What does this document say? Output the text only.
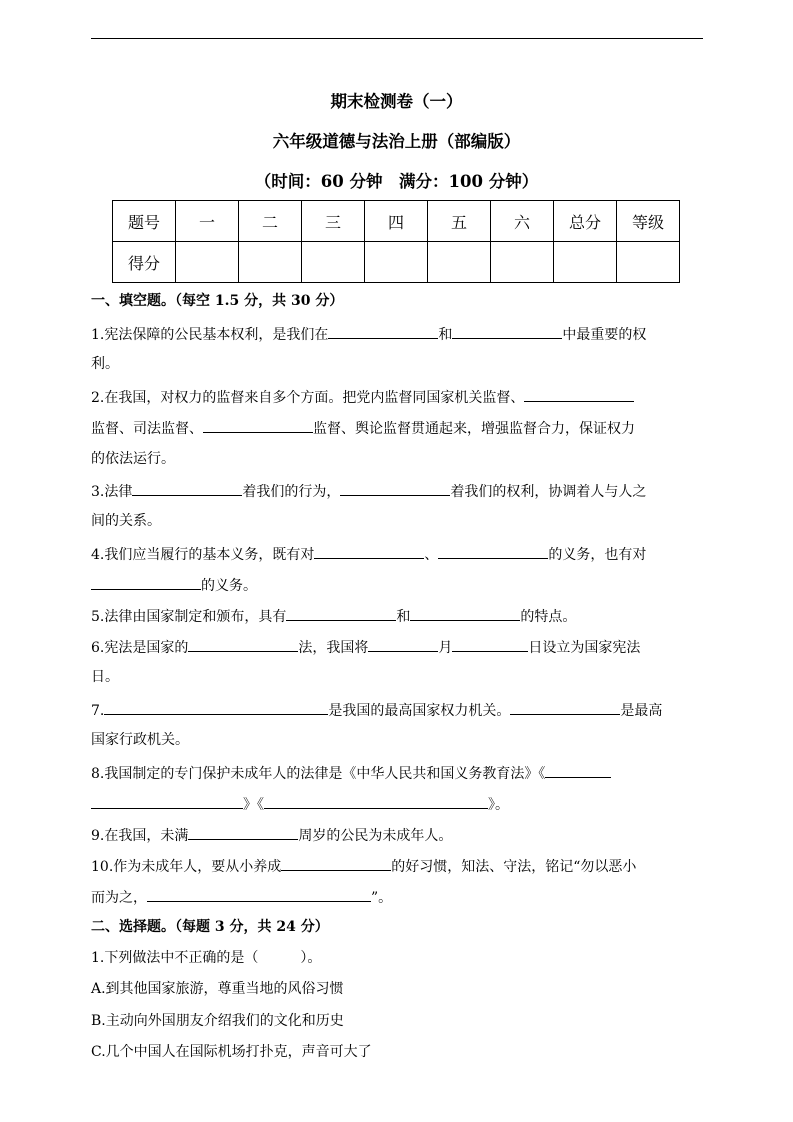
期末检测卷（一）
六年级道德与法治上册（部编版）
（时间：60 分钟　满分：100 分钟）
题号	一	二	三	四	五	六	总分	等级
得分								
一、填空题。（每空 1.5 分，共 30 分）
1.宪法保障的公民基本权利，是我们在	和	中最重要的权
利。
2.在我国，对权力的监督来自多个方面。把党内监督同国家机关监督、
监督、司法监督、	监督、舆论监督贯通起来，增强监督合力，保证权力
的依法运行。
3.法律	着我们的行为，	着我们的权利，协调着人与人之
间的关系。
4.我们应当履行的基本义务，既有对	、	的义务，也有对
的义务。
5.法律由国家制定和颁布，具有	和	的特点。
6.宪法是国家的	法，我国将	月	日设立为国家宪法
日。
7.	是我国的最高国家权力机关。	是最高
国家行政机关。
8.我国制定的专门保护未成年人的法律是《中华人民共和国义务教育法》《
》《	》。
9.在我国，未满	周岁的公民为未成年人。
10.作为未成年人，要从小养成	的好习惯，知法、守法，铭记“勿以恶小
而为之，	”。
二、选择题。（每题 3 分，共 24 分）
1.下列做法中不正确的是（　　　）。
A.到其他国家旅游，尊重当地的风俗习惯
B.主动向外国朋友介绍我们的文化和历史
C.几个中国人在国际机场打扑克，声音可大了
